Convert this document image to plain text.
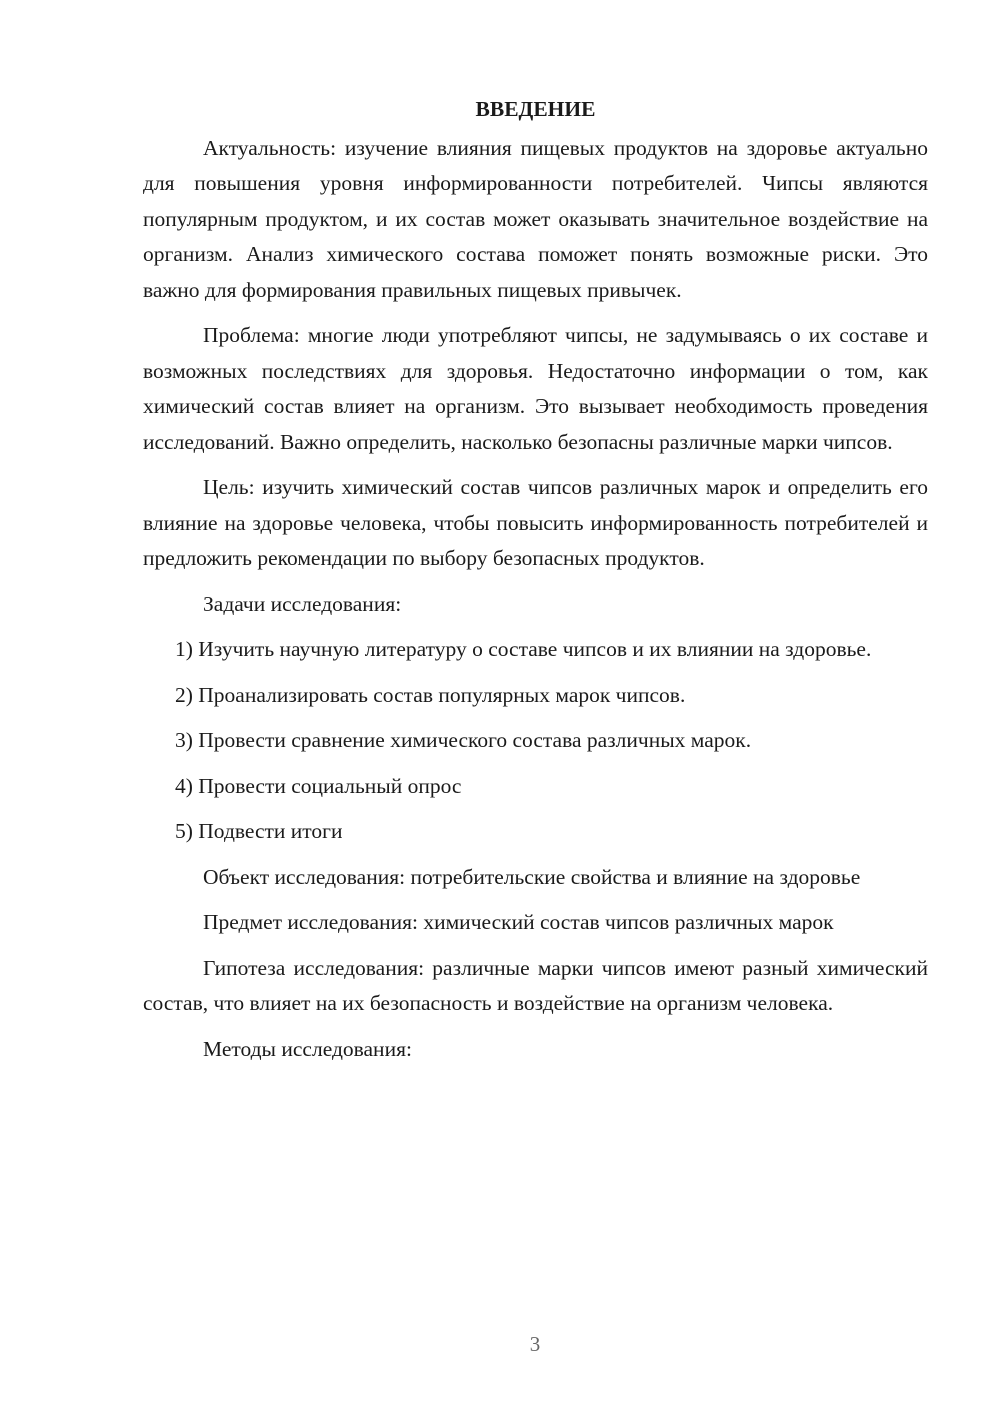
ВВЕДЕНИЕ

Актуальность: изучение влияния пищевых продуктов на здоровье актуально для повышения уровня информированности потребителей. Чипсы являются популярным продуктом, и их состав может оказывать значительное воздействие на организм. Анализ химического состава поможет понять возможные риски. Это важно для формирования правильных пищевых привычек.

Проблема: многие люди употребляют чипсы, не задумываясь о их составе и возможных последствиях для здоровья. Недостаточно информации о том, как химический состав влияет на организм. Это вызывает необходимость проведения исследований. Важно определить, насколько безопасны различные марки чипсов.

Цель: изучить химический состав чипсов различных марок и определить его влияние на здоровье человека, чтобы повысить информированность потребителей и предложить рекомендации по выбору безопасных продуктов.

Задачи исследования:

1) Изучить научную литературу о составе чипсов и их влиянии на здоровье.

2) Проанализировать состав популярных марок чипсов.

3) Провести сравнение химического состава различных марок.

4) Провести социальный опрос

5) Подвести итоги

Объект исследования: потребительские свойства и влияние на здоровье

Предмет исследования: химический состав чипсов различных марок

Гипотеза исследования: различные марки чипсов имеют разный химический состав, что влияет на их безопасность и воздействие на организм человека.

Методы исследования:

3
